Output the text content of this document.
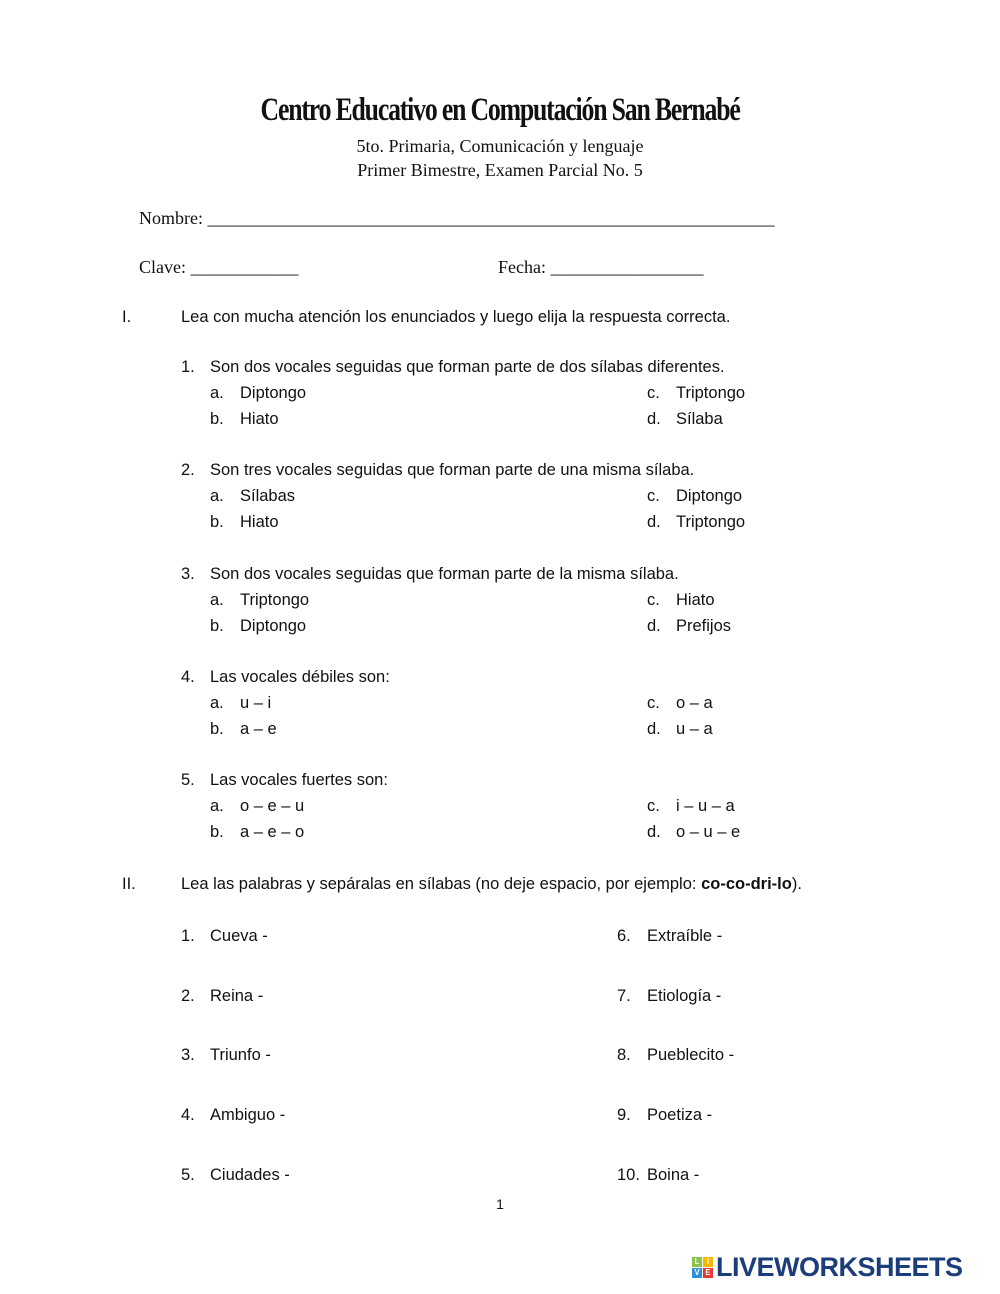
Centro Educativo en Computación San Bernabé
5to. Primaria, Comunicación y lenguaje
Primer Bimestre, Examen Parcial No. 5
Nombre: _______________________________________________________________
Clave: ____________	Fecha: _________________
I.	Lea con mucha atención los enunciados y luego elija la respuesta correcta.
1. Son dos vocales seguidas que forman parte de dos sílabas diferentes.
a. Diptongo
b. Hiato
c. Triptongo
d. Sílaba
2. Son tres vocales seguidas que forman parte de una misma sílaba.
a. Sílabas
b. Hiato
c. Diptongo
d. Triptongo
3. Son dos vocales seguidas que forman parte de la misma sílaba.
a. Triptongo
b. Diptongo
c. Hiato
d. Prefijos
4. Las vocales débiles son:
a. u – i
b. a – e
c. o – a
d. u – a
5. Las vocales fuertes son:
a. o – e – u
b. a – e – o
c. i – u – a
d. o – u – e
II.	Lea las palabras y sepáralas en sílabas (no deje espacio, por ejemplo: co-co-dri-lo).
1. Cueva -
2. Reina -
3. Triunfo -
4. Ambiguo -
5. Ciudades -
6. Extraíble -
7. Etiología -
8. Pueblecito -
9. Poetiza -
10. Boina -
1
L I
V E LIVEWORKSHEETS
